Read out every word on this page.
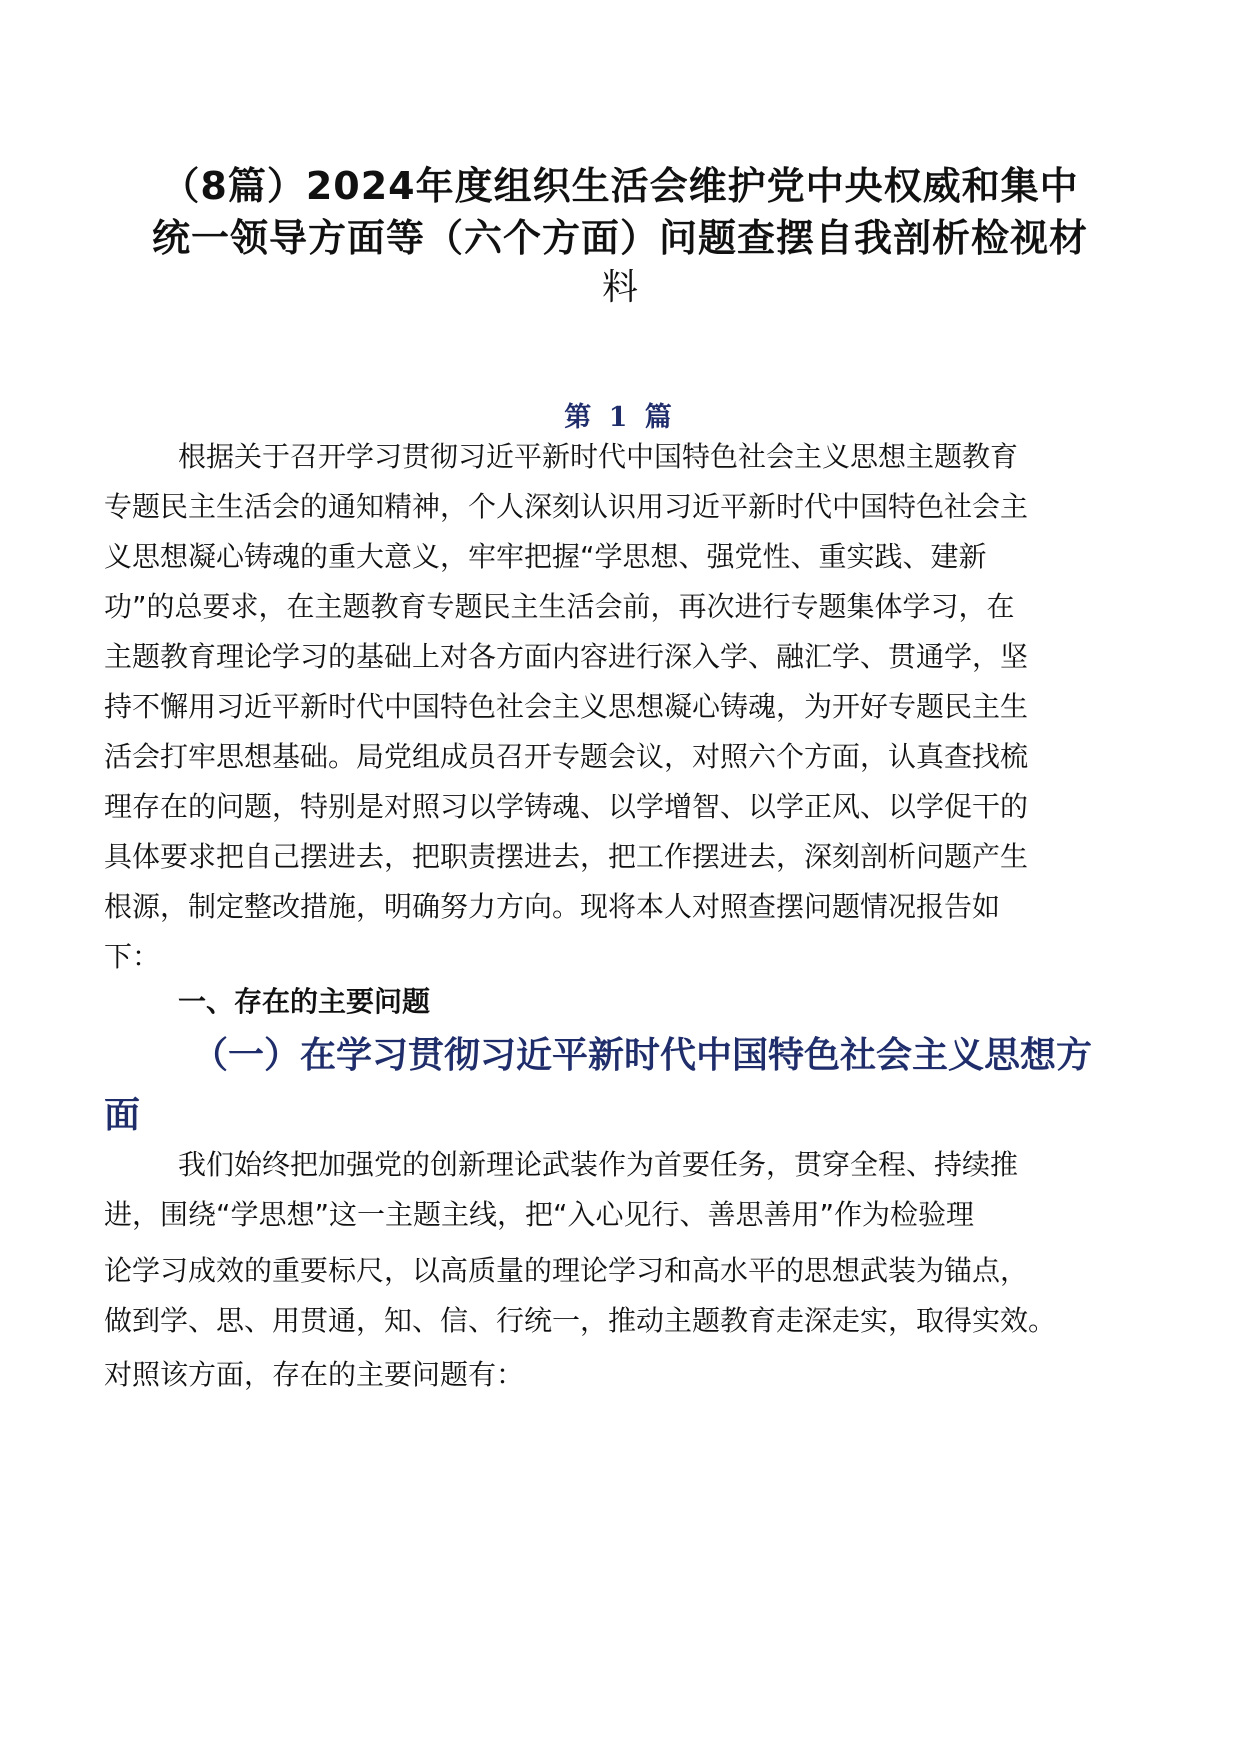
（8篇）2024年度组织生活会维护党中央权威和集中
统一领导方面等（六个方面）问题查摆自我剖析检视材
料
第 1 篇
根据关于召开学习贯彻习近平新时代中国特色社会主义思想主题教育
专题民主生活会的通知精神，个人深刻认识用习近平新时代中国特色社会主
义思想凝心铸魂的重大意义，牢牢把握“学思想、强党性、重实践、建新
功”的总要求，在主题教育专题民主生活会前，再次进行专题集体学习，在
主题教育理论学习的基础上对各方面内容进行深入学、融汇学、贯通学，坚
持不懈用习近平新时代中国特色社会主义思想凝心铸魂，为开好专题民主生
活会打牢思想基础。局党组成员召开专题会议，对照六个方面，认真查找梳
理存在的问题，特别是对照习以学铸魂、以学增智、以学正风、以学促干的
具体要求把自己摆进去，把职责摆进去，把工作摆进去，深刻剖析问题产生
根源，制定整改措施，明确努力方向。现将本人对照查摆问题情况报告如
下：
一、存在的主要问题
（一）在学习贯彻习近平新时代中国特色社会主义思想方
面
我们始终把加强党的创新理论武装作为首要任务，贯穿全程、持续推
进，围绕“学思想”这一主题主线，把“入心见行、善思善用”作为检验理
论学习成效的重要标尺，以高质量的理论学习和高水平的思想武装为锚点，
做到学、思、用贯通，知、信、行统一，推动主题教育走深走实，取得实效。
对照该方面，存在的主要问题有：
